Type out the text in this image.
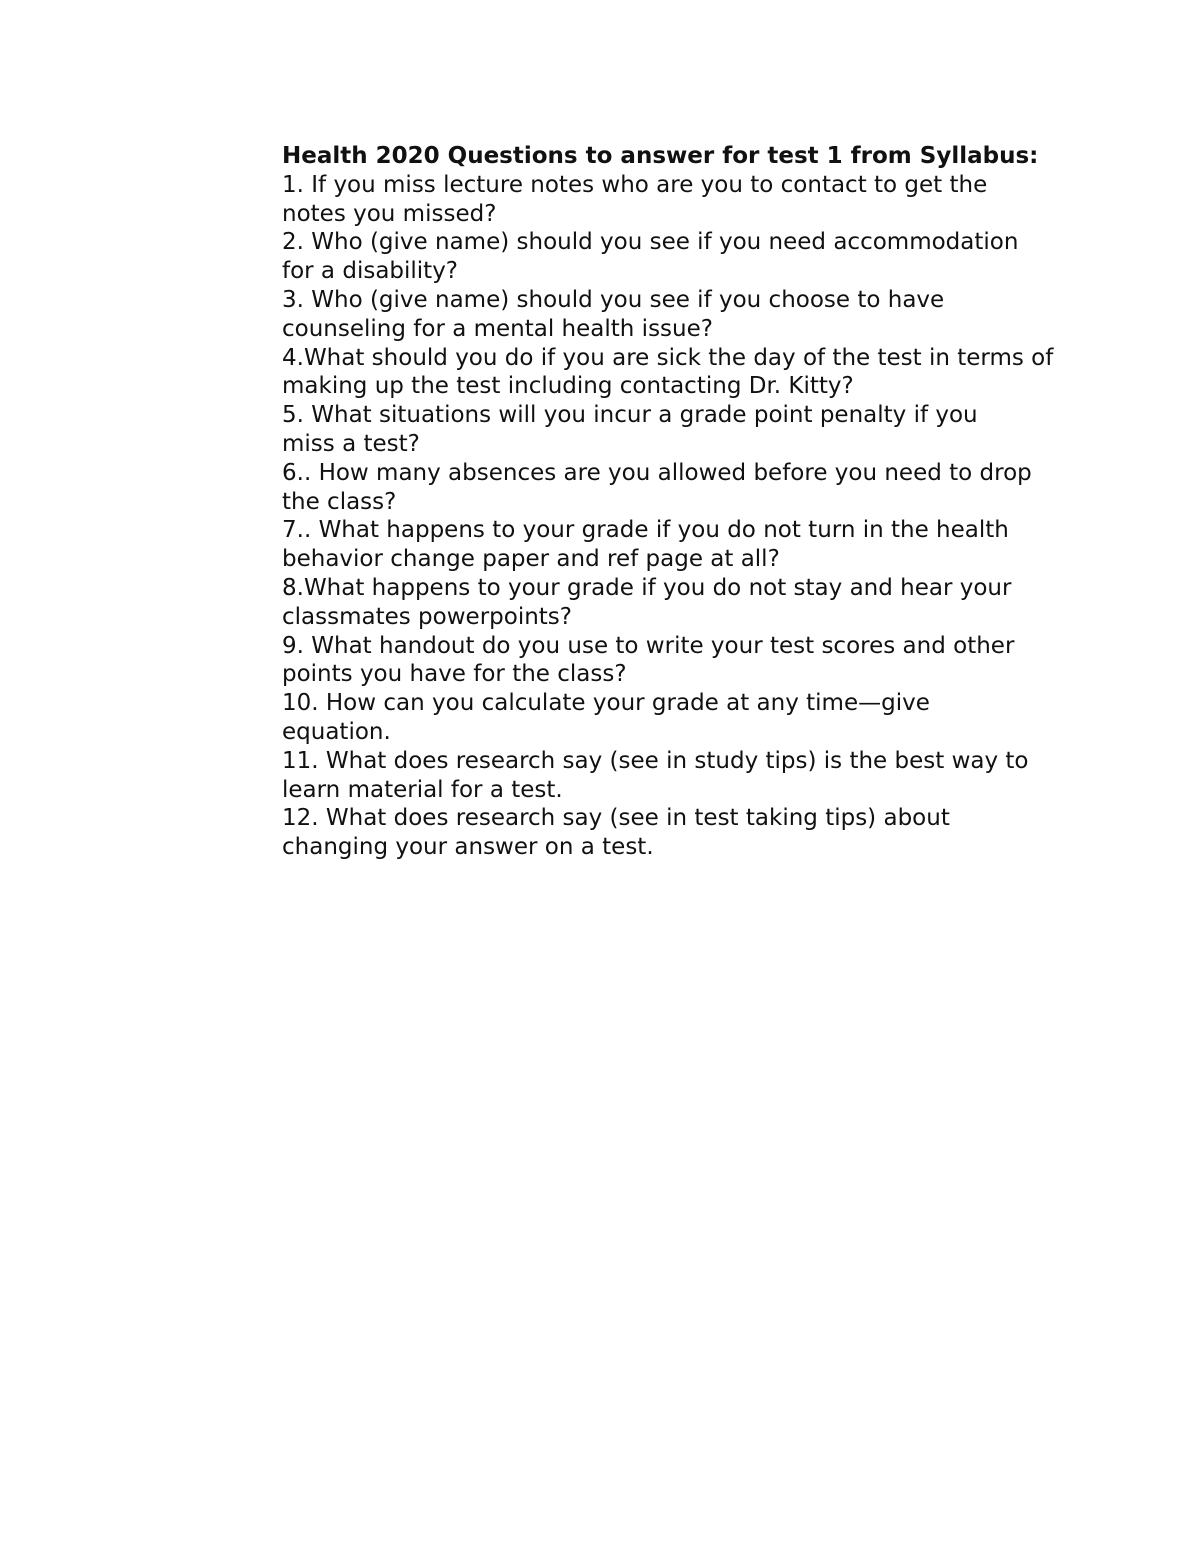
Health 2020 Questions to answer for test 1 from Syllabus:

1. If you miss lecture notes who are you to contact to get the notes you missed?

2. Who (give name) should you see if you need accommodation for a disability?

3. Who (give name) should you see if you choose to have counseling for a mental health issue?

4.What should you do if you are sick the day of the test in terms of making up the test including contacting Dr. Kitty?

5. What situations will you incur a grade point penalty if you miss a test?

6.. How many absences are you allowed before you need to drop the class?

7.. What happens to your grade if you do not turn in the health behavior change paper and ref page at all?

8.What happens to your grade if you do not stay and hear your classmates powerpoints?

9. What handout do you use to write your test scores and other points you have for the class?

10. How can you calculate your grade at any time—give equation.

11. What does research say (see in study tips) is the best way to learn material for a test.

12. What does research say (see in test taking tips) about changing your answer on a test.
